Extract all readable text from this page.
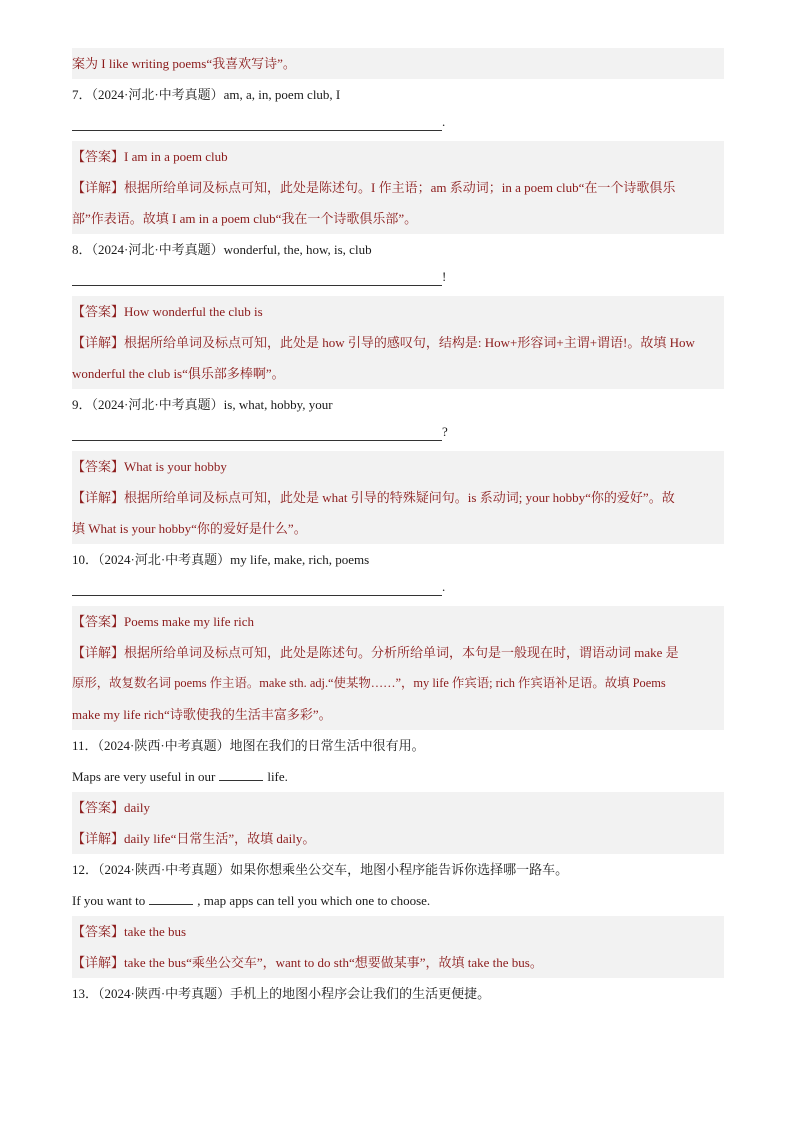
案为 I like writing poems“我喜欢写诗”。
7．（2024·河北·中考真题）am, a, in, poem club, I
.
【答案】I am in a poem club
【详解】根据所给单词及标点可知，此处是陈述句。I 作主语；am 系动词；in a poem club“在一个诗歌俱乐
部”作表语。故填 I am in a poem club“我在一个诗歌俱乐部”。
8．（2024·河北·中考真题）wonderful, the, how, is, club
!
【答案】How wonderful the club is
【详解】根据所给单词及标点可知，此处是 how 引导的感叹句，结构是: How+形容词+主谓+谓语!。故填 How
wonderful the club is“俱乐部多棒啊”。
9．（2024·河北·中考真题）is, what, hobby, your
?
【答案】What is your hobby
【详解】根据所给单词及标点可知，此处是 what 引导的特殊疑问句。is 系动词; your hobby“你的爱好”。故
填 What is your hobby“你的爱好是什么”。
10．（2024·河北·中考真题）my life, make, rich, poems
.
【答案】Poems make my life rich
【详解】根据所给单词及标点可知，此处是陈述句。分析所给单词，本句是一般现在时，谓语动词 make 是
原形，故复数名词 poems 作主语。make sth. adj.“使某物……”，my life 作宾语; rich 作宾语补足语。故填 Poems
make my life rich“诗歌使我的生活丰富多彩”。
11．（2024·陕西·中考真题）地图在我们的日常生活中很有用。
Maps are very useful in our	life.
【答案】daily
【详解】daily life“日常生活”，故填 daily。
12．（2024·陕西·中考真题）如果你想乘坐公交车，地图小程序能告诉你选择哪一路车。
If you want to	, map apps can tell you which one to choose.
【答案】take the bus
【详解】take the bus“乘坐公交车”，want to do sth“想要做某事”，故填 take the bus。
13．（2024·陕西·中考真题）手机上的地图小程序会让我们的生活更便捷。
